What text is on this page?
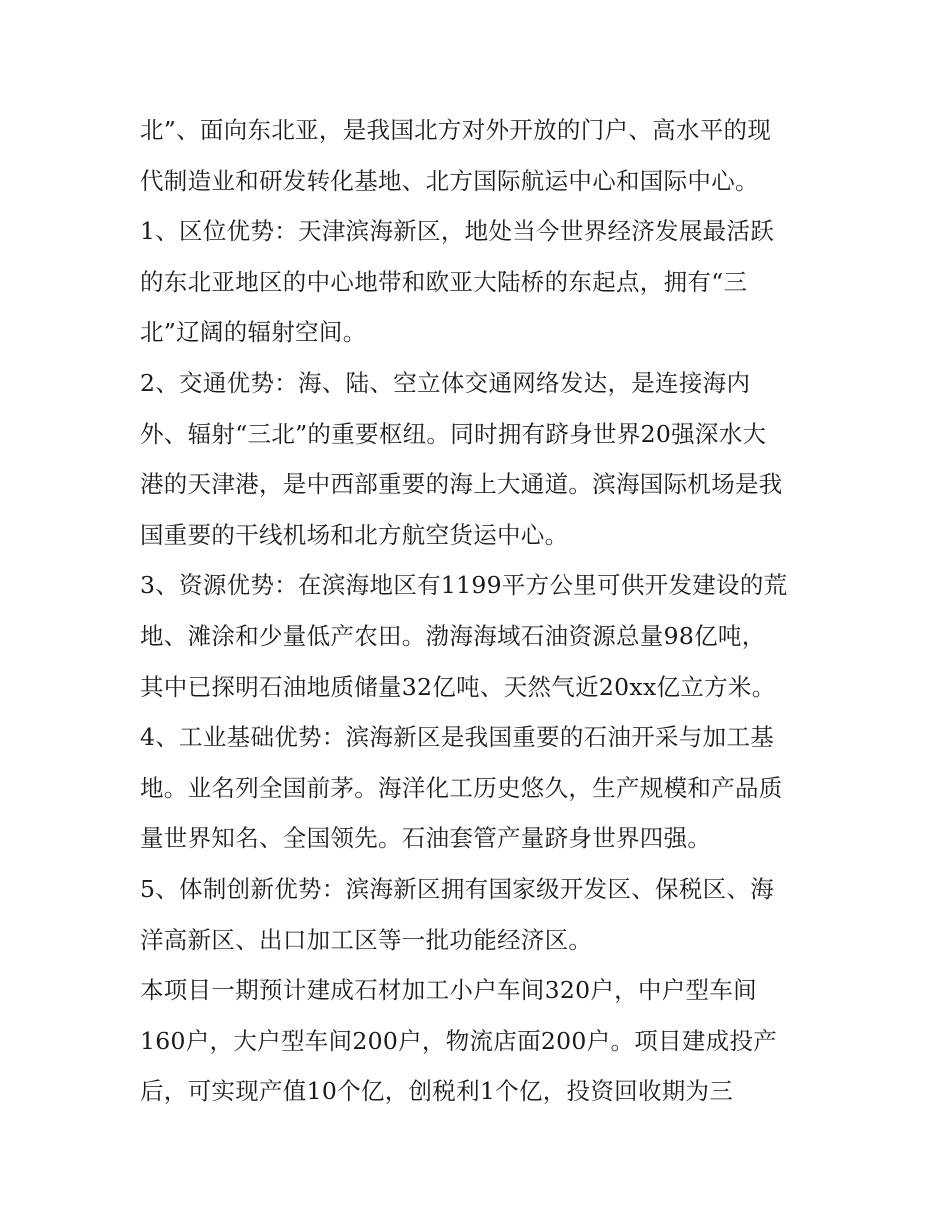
北”、面向东北亚，是我国北方对外开放的门户、高水平的现
代制造业和研发转化基地、北方国际航运中心和国际中心。
1、区位优势：天津滨海新区，地处当今世界经济发展最活跃
的东北亚地区的中心地带和欧亚大陆桥的东起点，拥有“三
北”辽阔的辐射空间。
2、交通优势：海、陆、空立体交通网络发达，是连接海内
外、辐射“三北”的重要枢纽。同时拥有跻身世界20强深水大
港的天津港，是中西部重要的海上大通道。滨海国际机场是我
国重要的干线机场和北方航空货运中心。
3、资源优势：在滨海地区有1199平方公里可供开发建设的荒
地、滩涂和少量低产农田。渤海海域石油资源总量98亿吨，
其中已探明石油地质储量32亿吨、天然气近20xx亿立方米。
4、工业基础优势：滨海新区是我国重要的石油开采与加工基
地。业名列全国前茅。海洋化工历史悠久，生产规模和产品质
量世界知名、全国领先。石油套管产量跻身世界四强。
5、体制创新优势：滨海新区拥有国家级开发区、保税区、海
洋高新区、出口加工区等一批功能经济区。
本项目一期预计建成石材加工小户车间320户，中户型车间
160户，大户型车间200户，物流店面200户。项目建成投产
后，可实现产值10个亿，创税利1个亿，投资回收期为三
